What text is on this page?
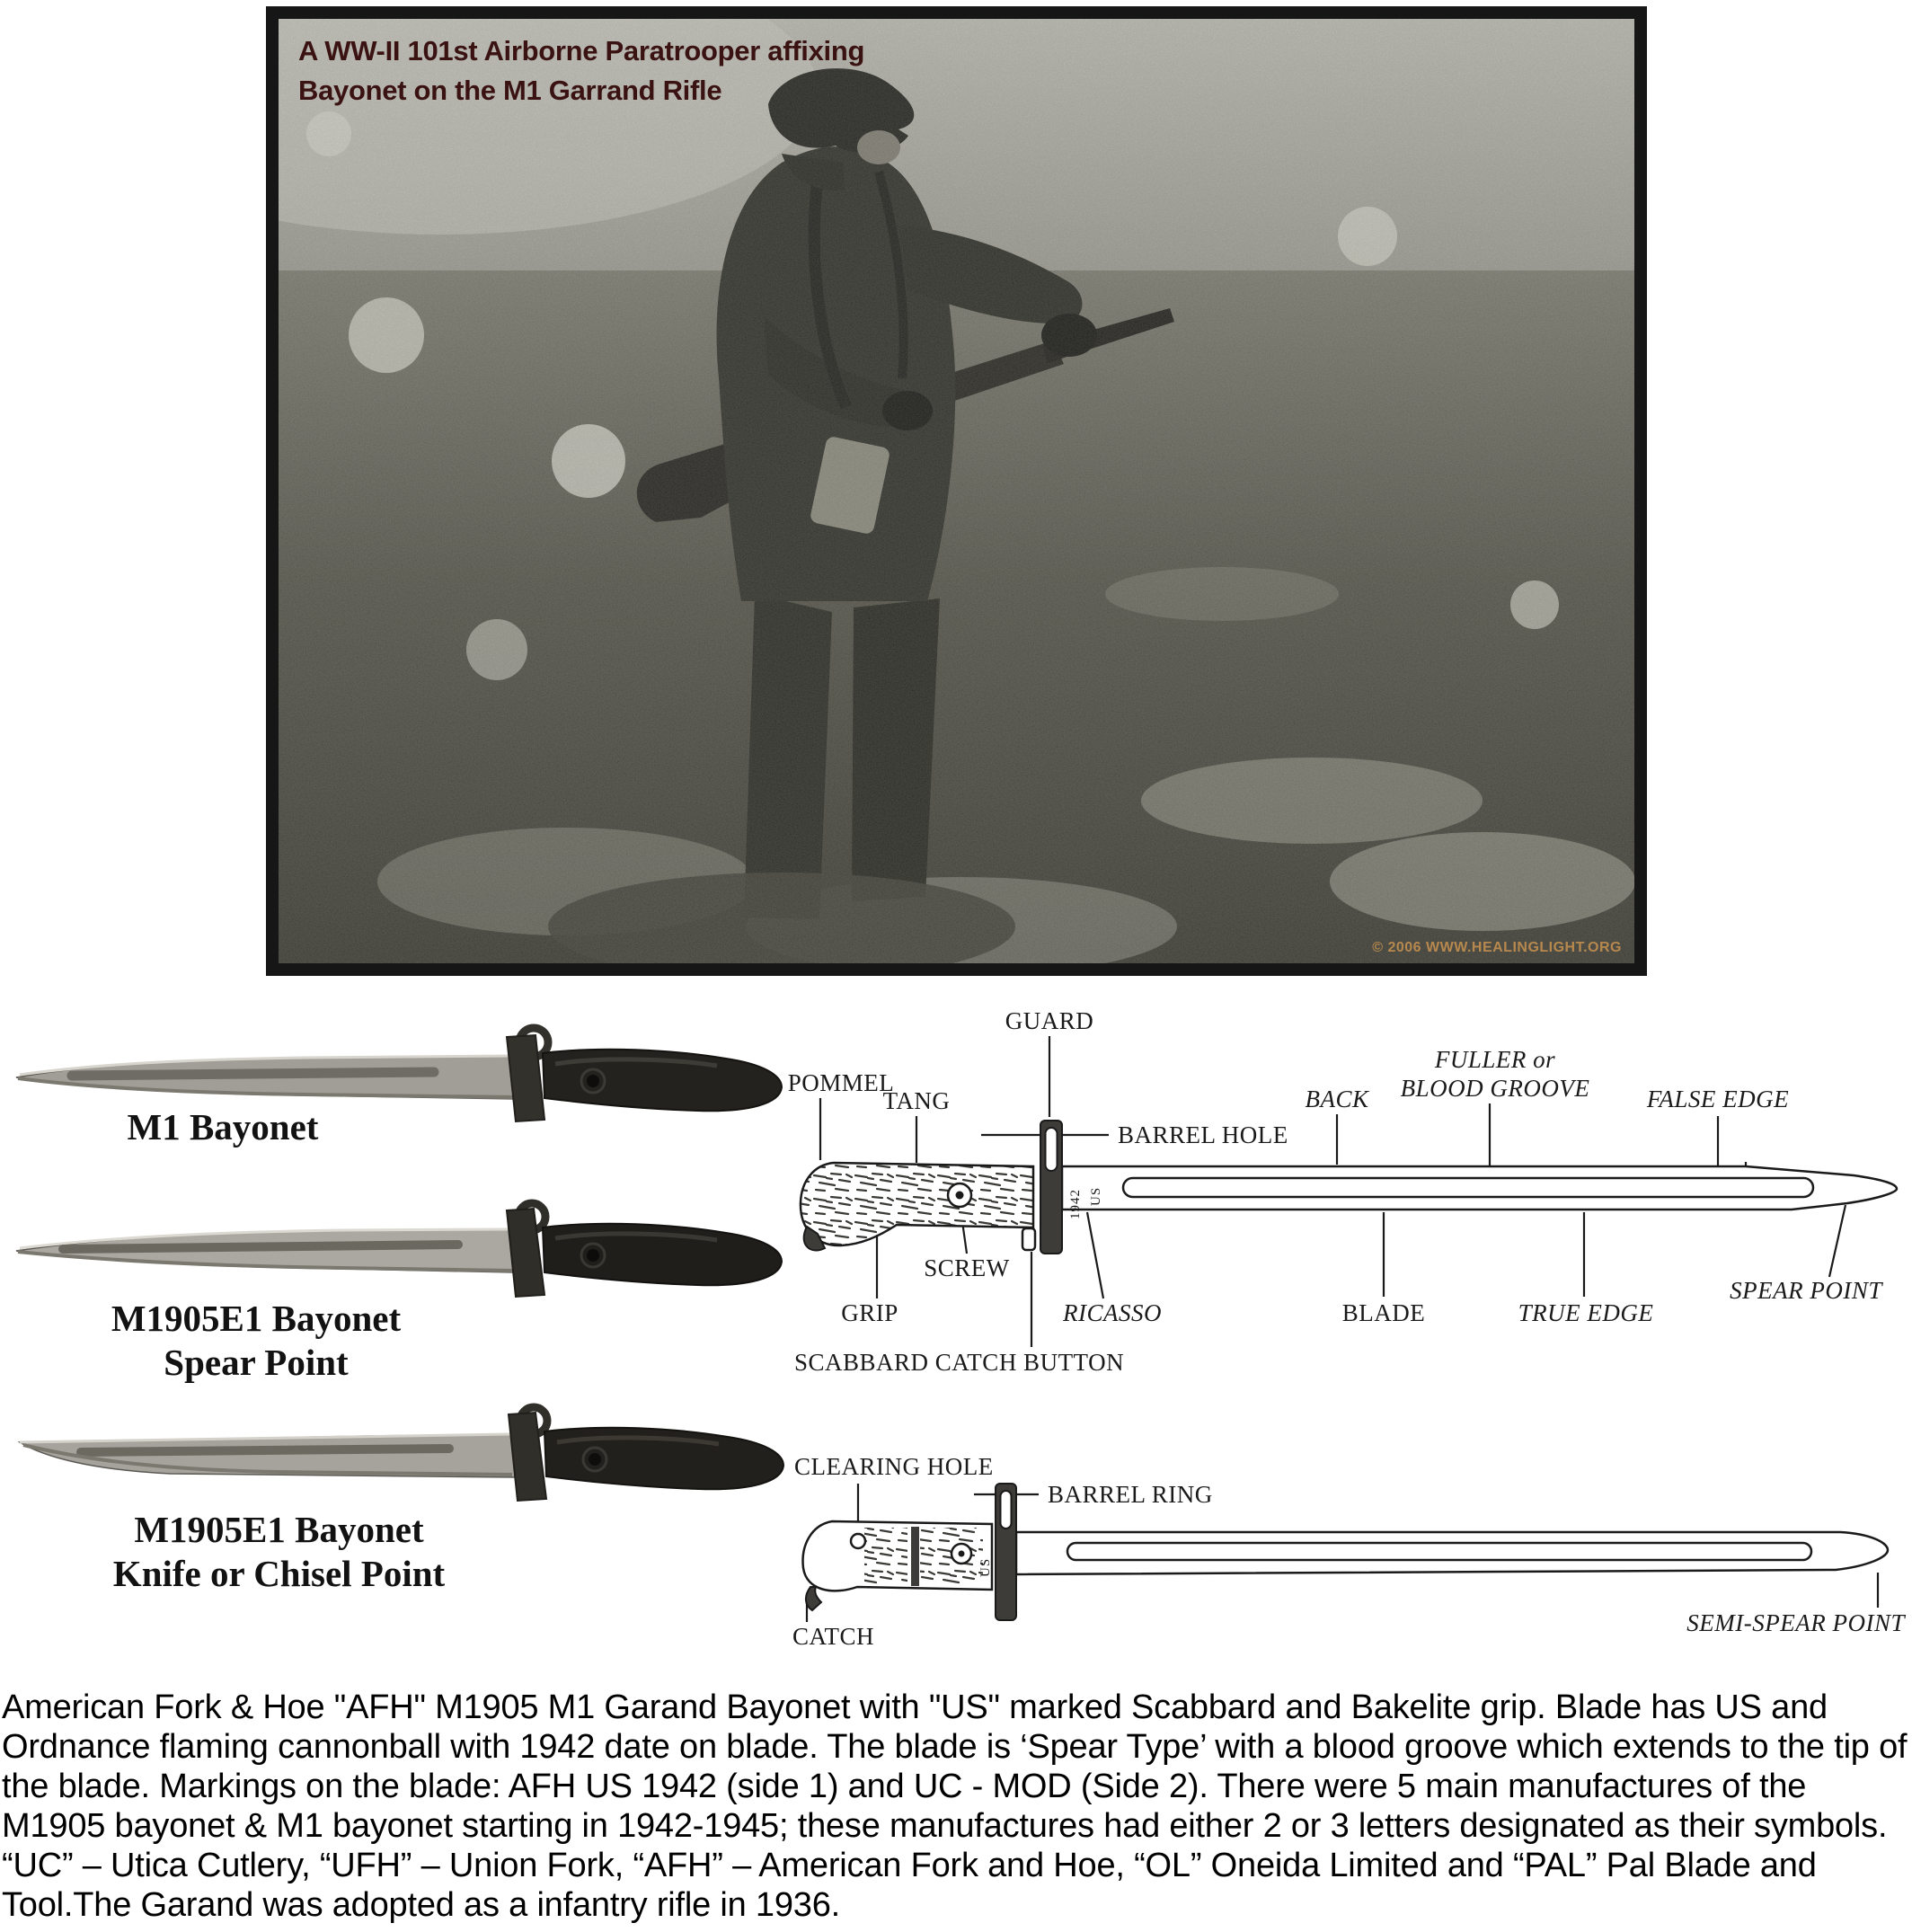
A WW-II 101st Airborne Paratrooper affixing
Bayonet on the M1 Garrand Rifle
© 2006 WWW.HEALINGLIGHT.ORG
M1 Bayonet
M1905E1 Bayonet
Spear Point
M1905E1 Bayonet
Knife or Chisel Point
1942 US
POMMEL
TANG
GUARD
BARREL HOLE
BACK
FULLER or
BLOOD GROOVE FALSE EDGE
GRIP
SCREW
RICASSO
SCABBARD CATCH BUTTON
BLADE	TRUE EDGE
SPEAR POINT
US
CLEARING HOLE
BARREL RING
CATCH	SEMI-SPEAR POINT
American Fork & Hoe "AFH" M1905 M1 Garand Bayonet with "US" marked Scabbard and Bakelite grip. Blade has US and Ordnance flaming cannonball with 1942 date on blade. The blade is ‘Spear Type’ with a blood groove which extends to the tip of the blade. Markings on the blade: AFH US 1942 (side 1) and UC - MOD (Side 2). There were 5 main manufactures of the M1905 bayonet & M1 bayonet starting in 1942-1945; these manufactures had either 2 or 3 letters designated as their symbols. “UC” – Utica Cutlery, “UFH” – Union Fork, “AFH” – American Fork and Hoe, “OL” Oneida Limited and “PAL” Pal Blade and Tool.The Garand was adopted as a infantry rifle in 1936.
